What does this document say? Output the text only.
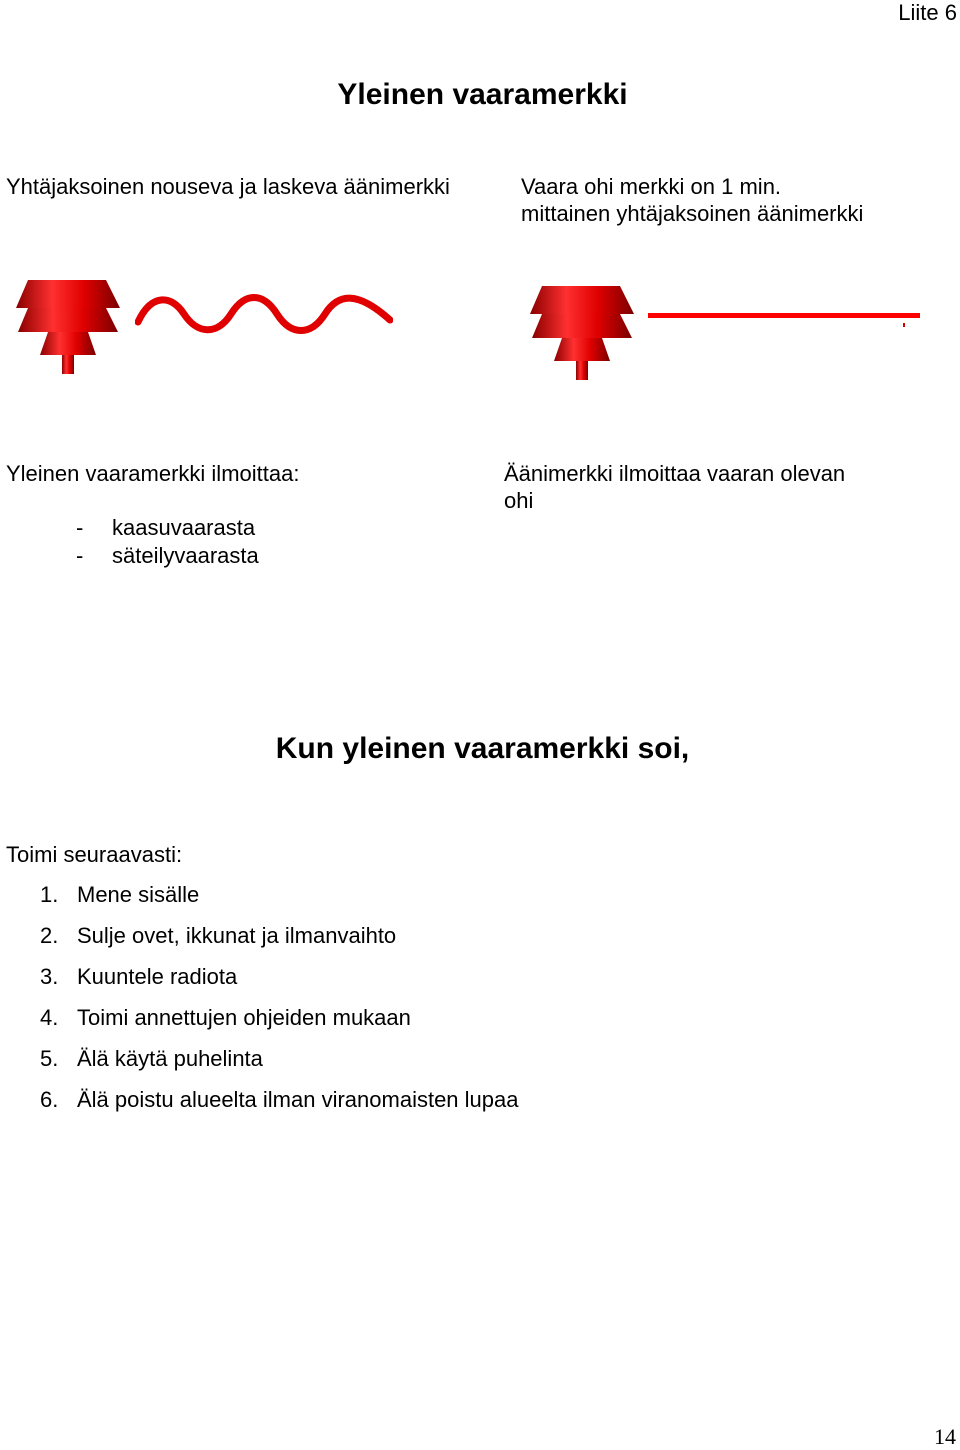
Liite 6
Yleinen vaaramerkki
Yhtäjaksoinen nouseva ja laskeva äänimerkki	Vaara ohi merkki on 1 min.
mittainen yhtäjaksoinen äänimerkki
Yleinen vaaramerkki ilmoittaa:
- kaasuvaarasta
- säteilyvaarasta
Äänimerkki ilmoittaa vaaran olevan
ohi
Kun yleinen vaaramerkki soi,
Toimi seuraavasti:
1. Mene sisälle
2. Sulje ovet, ikkunat ja ilmanvaihto
3. Kuuntele radiota
4. Toimi annettujen ohjeiden mukaan
5. Älä käytä puhelinta
6. Älä poistu alueelta ilman viranomaisten lupaa
14
